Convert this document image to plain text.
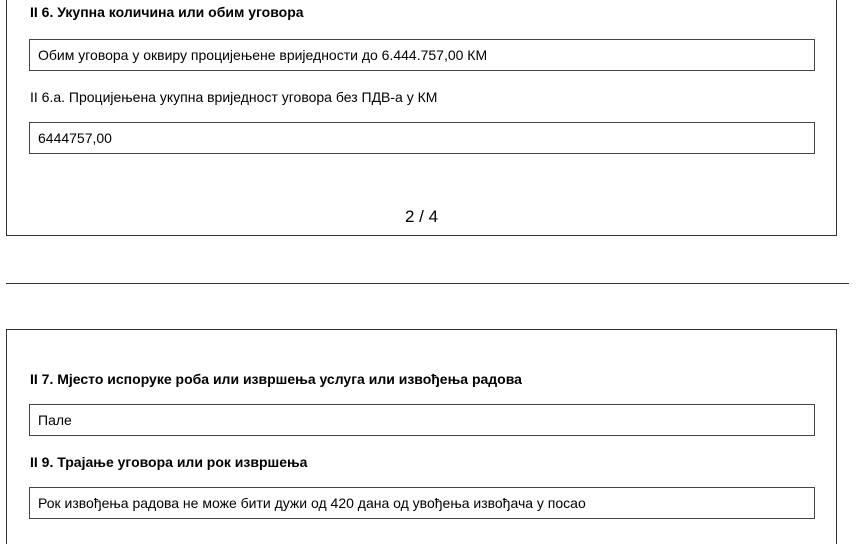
II 6. Укупна количина или обим уговора
Обим уговора у оквиру процијењене вриједности до 6.444.757,00 КМ
II 6.а. Процијењена укупна вриједност уговора без ПДВ-а у КМ
6444757,00
2 / 4
II 7. Мјесто испоруке роба или извршења услуга или извођења радова
Пале
II 9. Трајање уговора или рок извршења
Рок извођења радова не може бити дужи од 420 дана од увођења извођача у посао
